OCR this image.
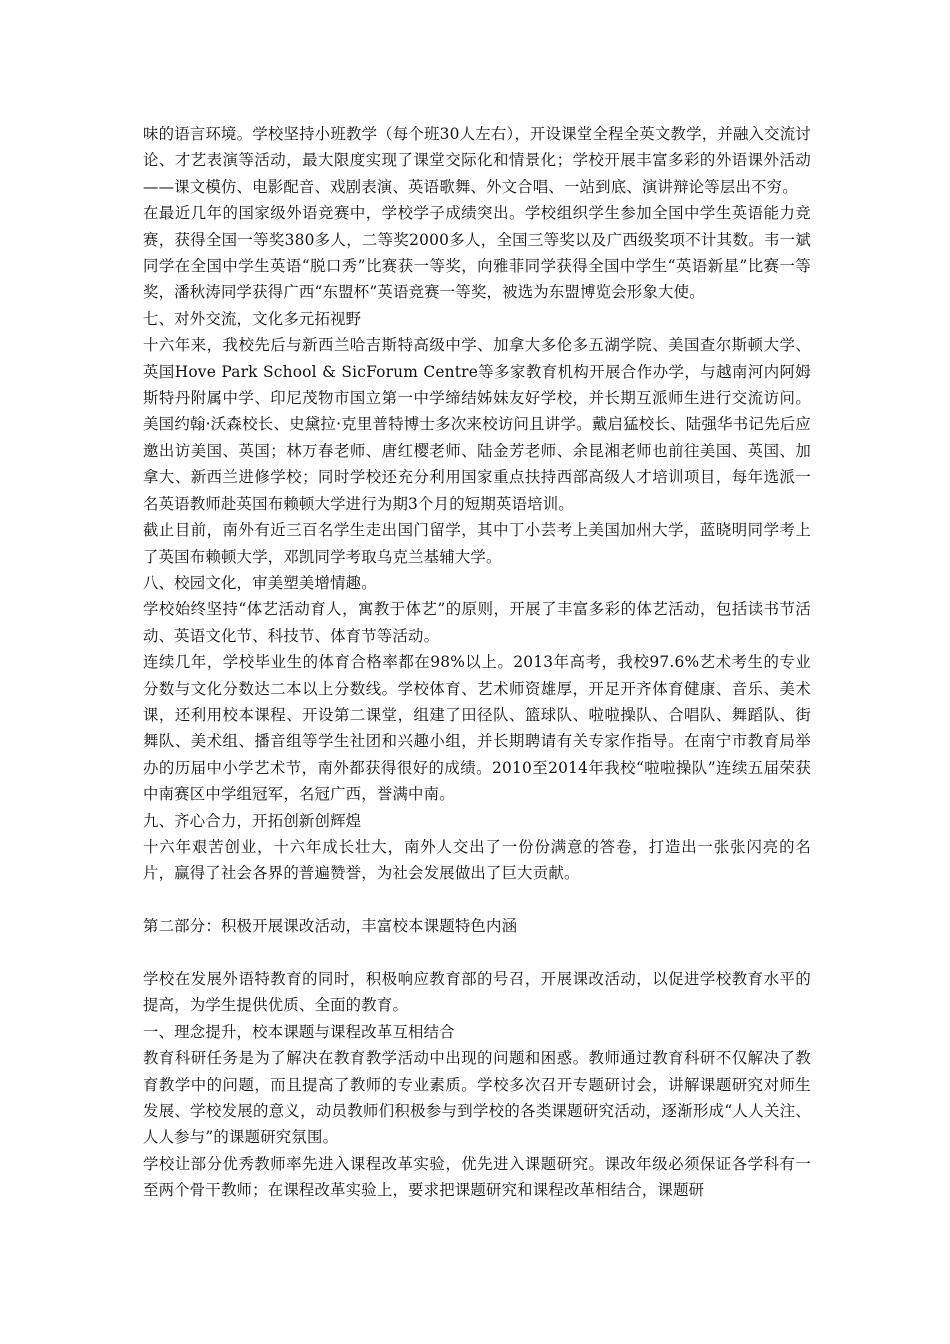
味的语言环境。学校坚持小班教学（每个班30人左右），开设课堂全程全英文教学，并融入交流讨论、才艺表演等活动，最大限度实现了课堂交际化和情景化；学校开展丰富多彩的外语课外活动——课文模仿、电影配音、戏剧表演、英语歌舞、外文合唱、一站到底、演讲辩论等层出不穷。

在最近几年的国家级外语竞赛中，学校学子成绩突出。学校组织学生参加全国中学生英语能力竞赛，获得全国一等奖380多人，二等奖2000多人，全国三等奖以及广西级奖项不计其数。韦一斌同学在全国中学生英语“脱口秀”比赛获一等奖，向雅菲同学获得全国中学生“英语新星”比赛一等奖，潘秋涛同学获得广西“东盟杯”英语竞赛一等奖，被选为东盟博览会形象大使。

七、对外交流，文化多元拓视野

十六年来，我校先后与新西兰哈吉斯特高级中学、加拿大多伦多五湖学院、美国查尔斯顿大学、英国Hove Park School & SicForum Centre等多家教育机构开展合作办学，与越南河内阿姆斯特丹附属中学、印尼茂物市国立第一中学缔结姊妹友好学校，并长期互派师生进行交流访问。美国约翰·沃森校长、史黛拉·克里普特博士多次来校访问且讲学。戴启猛校长、陆强华书记先后应邀出访美国、英国；林万春老师、唐红樱老师、陆金芳老师、余昆湘老师也前往美国、英国、加拿大、新西兰进修学校；同时学校还充分利用国家重点扶持西部高级人才培训项目，每年选派一名英语教师赴英国布赖顿大学进行为期3个月的短期英语培训。

截止目前，南外有近三百名学生走出国门留学，其中丁小芸考上美国加州大学，蓝晓明同学考上了英国布赖顿大学，邓凯同学考取乌克兰基辅大学。

八、校园文化，审美塑美增情趣。

学校始终坚持“体艺活动育人，寓教于体艺”的原则，开展了丰富多彩的体艺活动，包括读书节活动、英语文化节、科技节、体育节等活动。

连续几年，学校毕业生的体育合格率都在98%以上。2013年高考，我校97.6%艺术考生的专业分数与文化分数达二本以上分数线。学校体育、艺术师资雄厚，开足开齐体育健康、音乐、美术课，还利用校本课程、开设第二课堂，组建了田径队、篮球队、啦啦操队、合唱队、舞蹈队、街舞队、美术组、播音组等学生社团和兴趣小组，并长期聘请有关专家作指导。在南宁市教育局举办的历届中小学艺术节，南外都获得很好的成绩。2010至2014年我校“啦啦操队”连续五届荣获中南赛区中学组冠军，名冠广西，誉满中南。

九、齐心合力，开拓创新创辉煌

十六年艰苦创业，十六年成长壮大，南外人交出了一份份满意的答卷，打造出一张张闪亮的名片，赢得了社会各界的普遍赞誉，为社会发展做出了巨大贡献。

第二部分：积极开展课改活动，丰富校本课题特色内涵

学校在发展外语特教育的同时，积极响应教育部的号召，开展课改活动，以促进学校教育水平的提高，为学生提供优质、全面的教育。

一、理念提升，校本课题与课程改革互相结合

教育科研任务是为了解决在教育教学活动中出现的问题和困惑。教师通过教育科研不仅解决了教育教学中的问题，而且提高了教师的专业素质。学校多次召开专题研讨会，讲解课题研究对师生发展、学校发展的意义，动员教师们积极参与到学校的各类课题研究活动，逐渐形成“人人关注、人人参与”的课题研究氛围。

学校让部分优秀教师率先进入课程改革实验，优先进入课题研究。课改年级必须保证各学科有一至两个骨干教师；在课程改革实验上，要求把课题研究和课程改革相结合，课题研
